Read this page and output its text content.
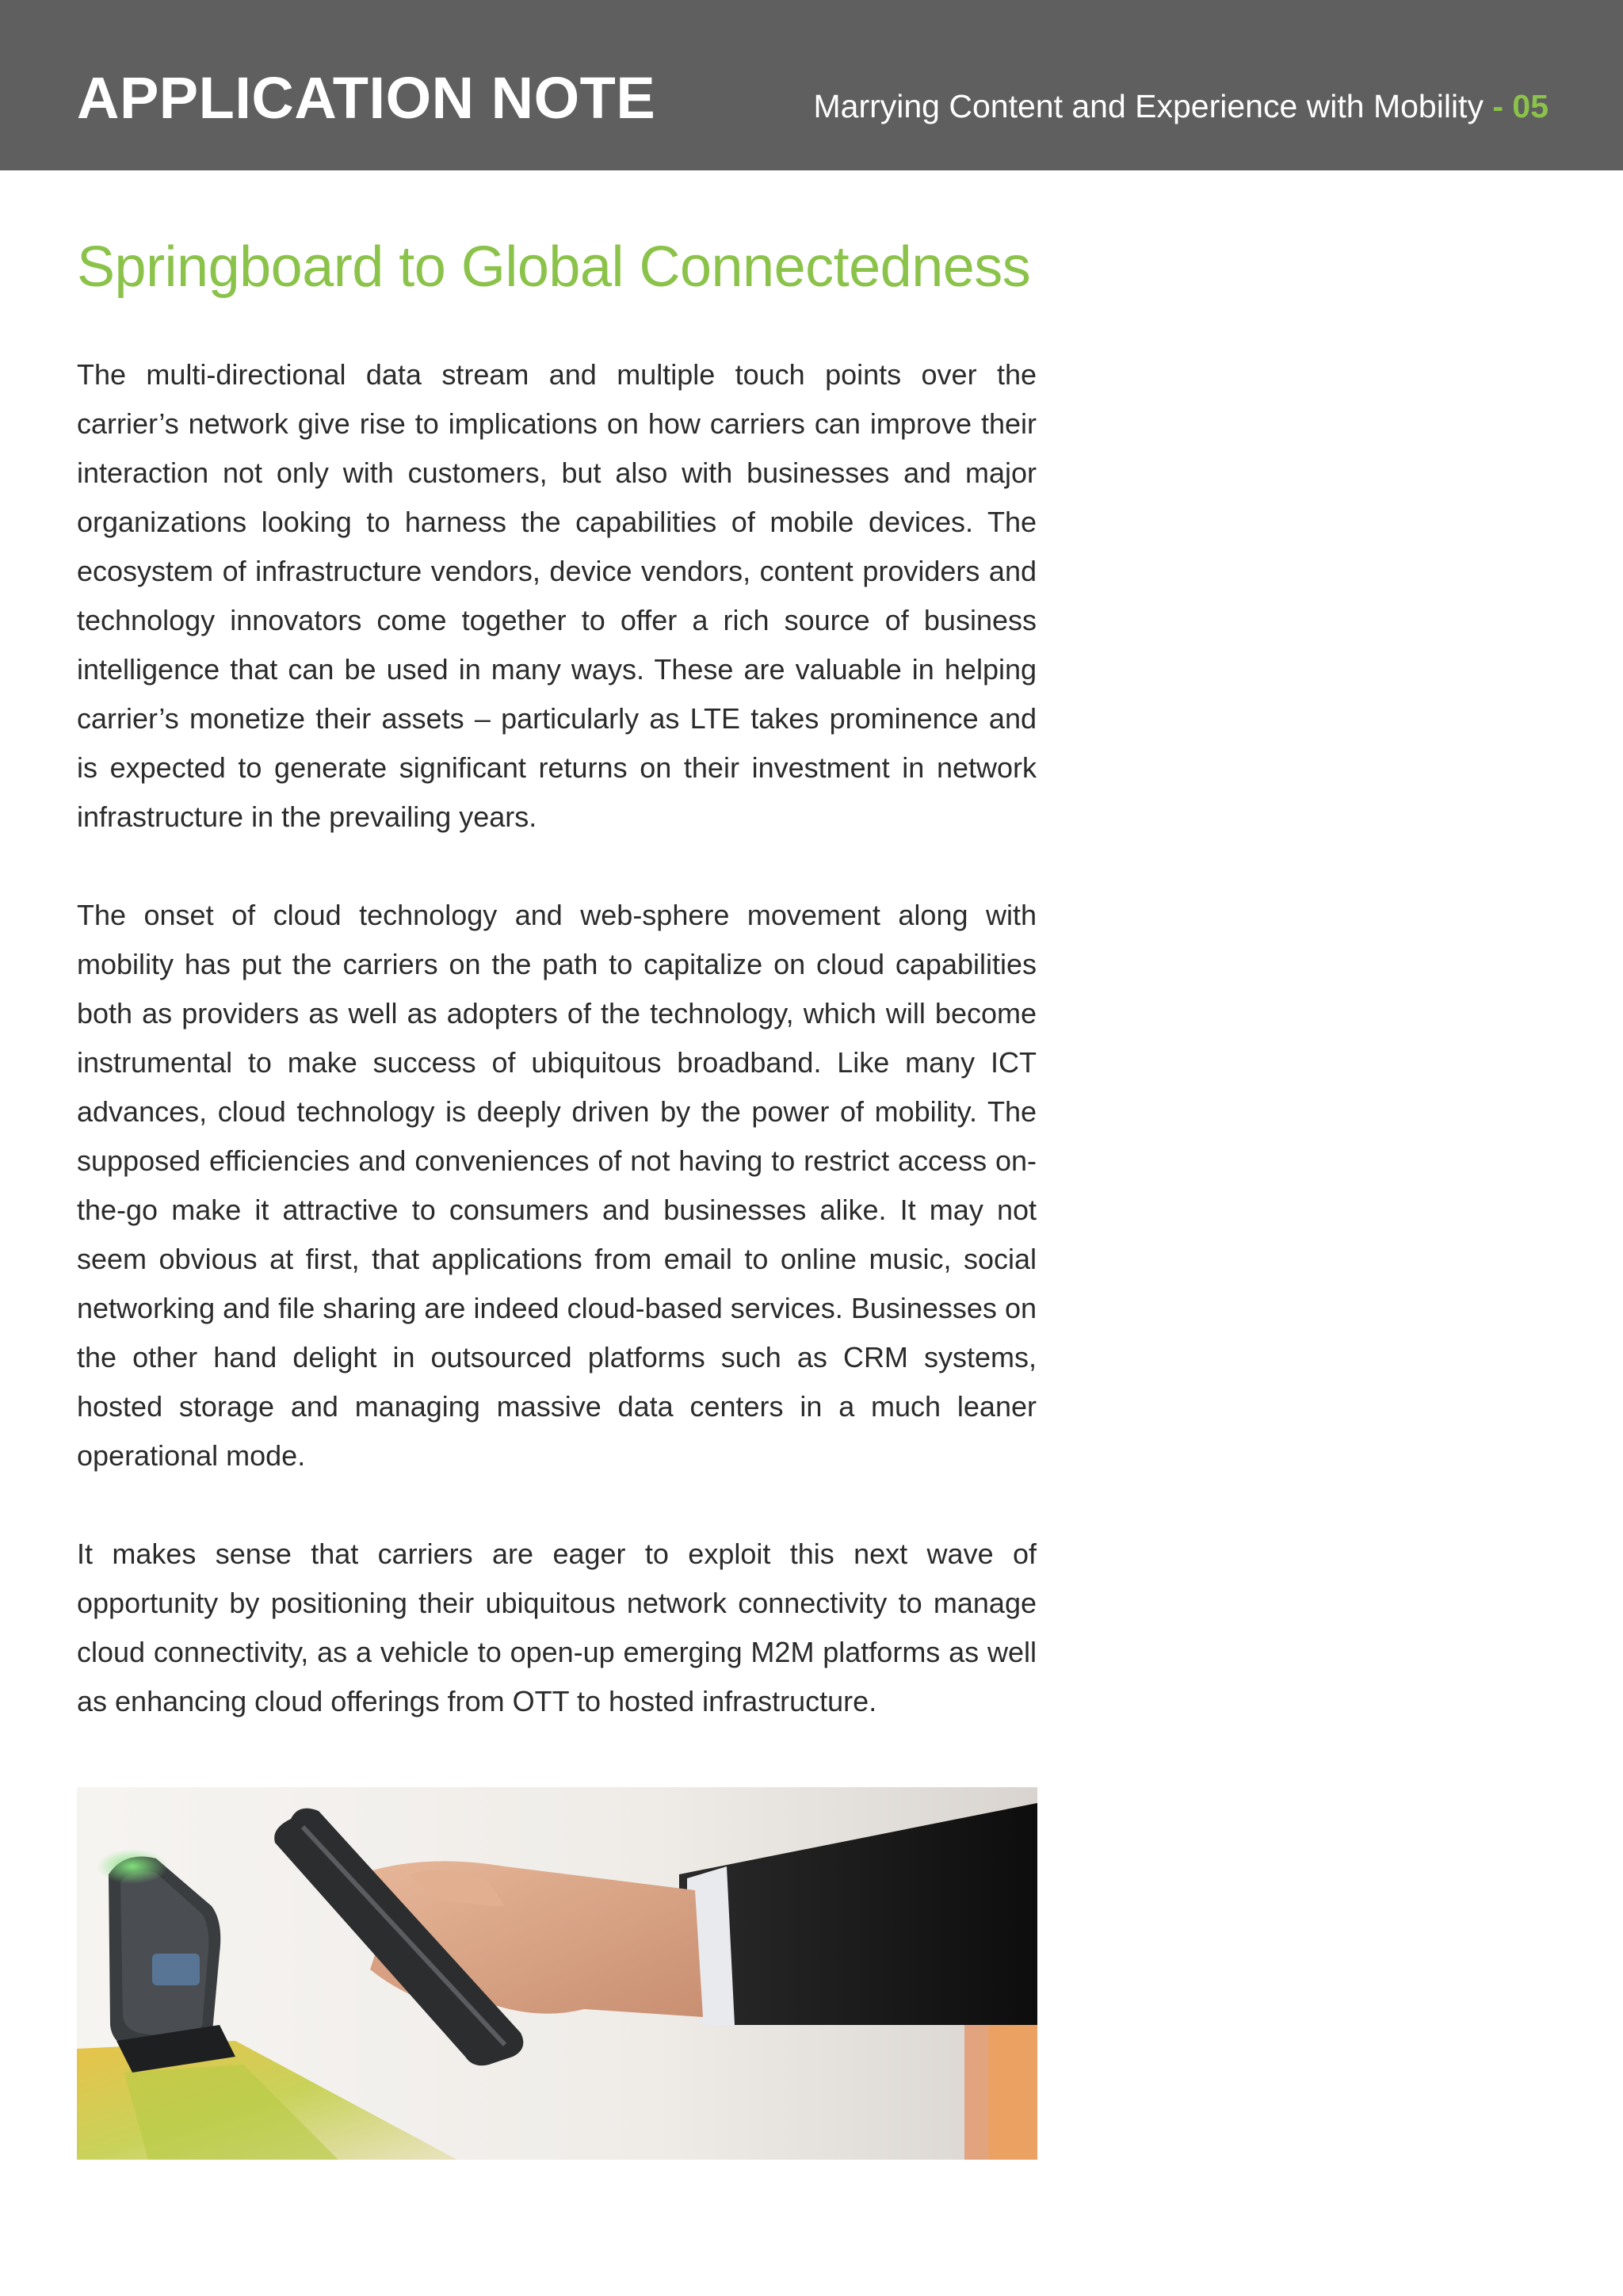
APPLICATION NOTE	Marrying Content and Experience with Mobility - 05
Springboard to Global Connectedness

The multi-directional data stream and multiple touch points over the carrier’s network give rise to implications on how carriers can improve their interaction not only with customers, but also with businesses and major organizations looking to harness the capabilities of mobile devices. The ecosystem of infrastructure vendors, device vendors, content providers and technology innovators come together to offer a rich source of business intelligence that can be used in many ways. These are valuable in helping carrier’s monetize their assets – particularly as LTE takes prominence and is expected to generate significant returns on their investment in network infrastructure in the prevailing years.

The onset of cloud technology and web-sphere movement along with mobility has put the carriers on the path to capitalize on cloud capabilities both as providers as well as adopters of the technology, which will become instrumental to make success of ubiquitous broadband. Like many ICT advances, cloud technology is deeply driven by the power of mobility. The supposed efficiencies and conveniences of not having to restrict access on-the-go make it attractive to consumers and businesses alike. It may not seem obvious at first, that applications from email to online music, social networking and file sharing are indeed cloud-based services. Businesses on the other hand delight in outsourced platforms such as CRM systems, hosted storage and managing massive data centers in a much leaner operational mode.

It makes sense that carriers are eager to exploit this next wave of opportunity by positioning their ubiquitous network connectivity to manage cloud connectivity, as a vehicle to open-up emerging M2M platforms as well as enhancing cloud offerings from OTT to hosted infrastructure.
